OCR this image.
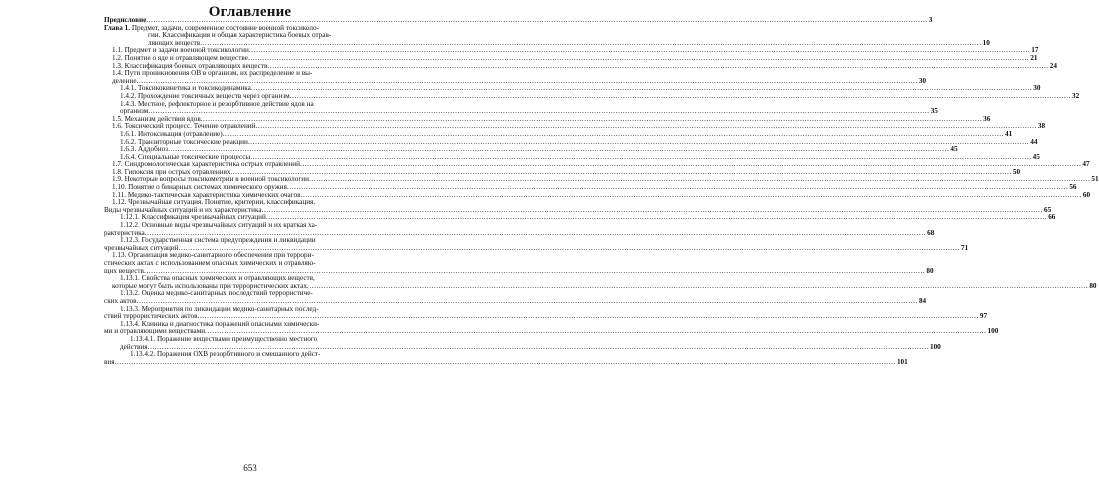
Оглавление
Предисловие .....	3
Глава 1. Предмет, задачи, современное состояние военной токсиколо-
гии. Классификация и общая характеристика боевых отрав-
ляющих веществ .....	10
1.1. Предмет и задачи военной токсикологии .....	17
1.2. Понятие о ядe и отравляющем веществе .....	21
1.3. Классификация боевых отравляющих веществ .....	24
1.4. Пути проникновения ОВ в организм, их распределение и вы-
деление .....	30
1.4.1. Токсикокинетика и токсикодинамика .....	30
1.4.2. Прохождение токсичных веществ через организм .....	32
1.4.3. Местное, рефлекторное и резорбтивное действие ядов на
организм .....	35
1.5. Механизм действия ядов .....	36
1.6. Токсический процесс. Течение отравлений .....	38
1.6.1. Интоксикация (отравление) .....	41
1.6.2. Транзиторные токсические реакции .....	44
1.6.3. Аддобиоз .....	45
1.6.4. Специальные токсические процессы .....	45
1.7. Синдромологическая характеристика острых отравлений .....	47
1.8. Гипоксия при острых отравлениях .....	50
1.9. Некоторые вопросы токсикометрии в военной токсикологии .....	51
1.10. Понятие о бинарных системах химического оружия .....	56
1.11. Медико-тактическая характеристика химических очагов .....	60
1.12. Чрезвычайная ситуация. Понятие, критерии, классификация.
Виды чрезвычайных ситуаций и их характеристика .....	65
1.12.1. Классификация чрезвычайных ситуаций .....	66
1.12.2. Основные виды чрезвычайных ситуаций и их краткая ха-
рактеристика .....	68
1.12.3. Государственная система предупреждения и ликвидации
чрезвычайных ситуаций .....	71
1.13. Организация медико-санитарного обеспечения при террори-
стических актах с использованием опасных химических и отравляю-
щих веществ .....	80
1.13.1. Свойства опасных химических и отравляющих веществ,
которые могут быть использованы при террористических актах .....	80
1.13.2. Оценка медико-санитарных последствий террористиче-
ских актов .....	84
1.13.3. Мероприятия по ликвидации медико-санитарных послед-
ствий террористических актов .....	97
1.13.4. Клиника и диагностика поражений опасными химически-
ми и отравляющими веществами .....	100
1.13.4.1. Поражение веществами преимущественно местного
действия .....	100
1.13.4.2. Поражения ОХВ резорбтивного и смешанного дейст-
вия .....	101
653
